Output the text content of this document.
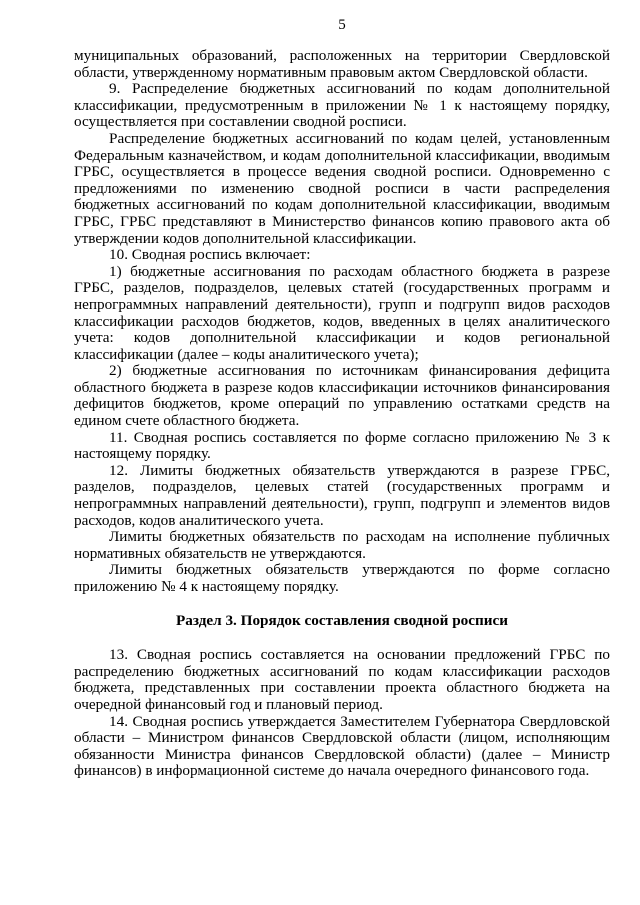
5

муниципальных образований, расположенных на территории Свердловской области, утвержденному нормативным правовым актом Свердловской области.

9. Распределение бюджетных ассигнований по кодам дополнительной классификации, предусмотренным в приложении № 1 к настоящему порядку, осуществляется при составлении сводной росписи.

Распределение бюджетных ассигнований по кодам целей, установленным Федеральным казначейством, и кодам дополнительной классификации, вводимым ГРБС, осуществляется в процессе ведения сводной росписи. Одновременно с предложениями по изменению сводной росписи в части распределения бюджетных ассигнований по кодам дополнительной классификации, вводимым ГРБС, ГРБС представляют в Министерство финансов копию правового акта об утверждении кодов дополнительной классификации.

10. Сводная роспись включает:

1) бюджетные ассигнования по расходам областного бюджета в разрезе ГРБС, разделов, подразделов, целевых статей (государственных программ и непрограммных направлений деятельности), групп и подгрупп видов расходов классификации расходов бюджетов, кодов, введенных в целях аналитического учета: кодов дополнительной классификации и кодов региональной классификации (далее – коды аналитического учета);

2) бюджетные ассигнования по источникам финансирования дефицита областного бюджета в разрезе кодов классификации источников финансирования дефицитов бюджетов, кроме операций по управлению остатками средств на едином счете областного бюджета.

11. Сводная роспись составляется по форме согласно приложению № 3 к настоящему порядку.

12. Лимиты бюджетных обязательств утверждаются в разрезе ГРБС, разделов, подразделов, целевых статей (государственных программ и непрограммных направлений деятельности), групп, подгрупп и элементов видов расходов, кодов аналитического учета.

Лимиты бюджетных обязательств по расходам на исполнение публичных нормативных обязательств не утверждаются.

Лимиты бюджетных обязательств утверждаются по форме согласно приложению № 4 к настоящему порядку.

Раздел 3. Порядок составления сводной росписи

13. Сводная роспись составляется на основании предложений ГРБС по распределению бюджетных ассигнований по кодам классификации расходов бюджета, представленных при составлении проекта областного бюджета на очередной финансовый год и плановый период.

14. Сводная роспись утверждается Заместителем Губернатора Свердловской области – Министром финансов Свердловской области (лицом, исполняющим обязанности Министра финансов Свердловской области) (далее – Министр финансов) в информационной системе до начала очередного финансового года.
